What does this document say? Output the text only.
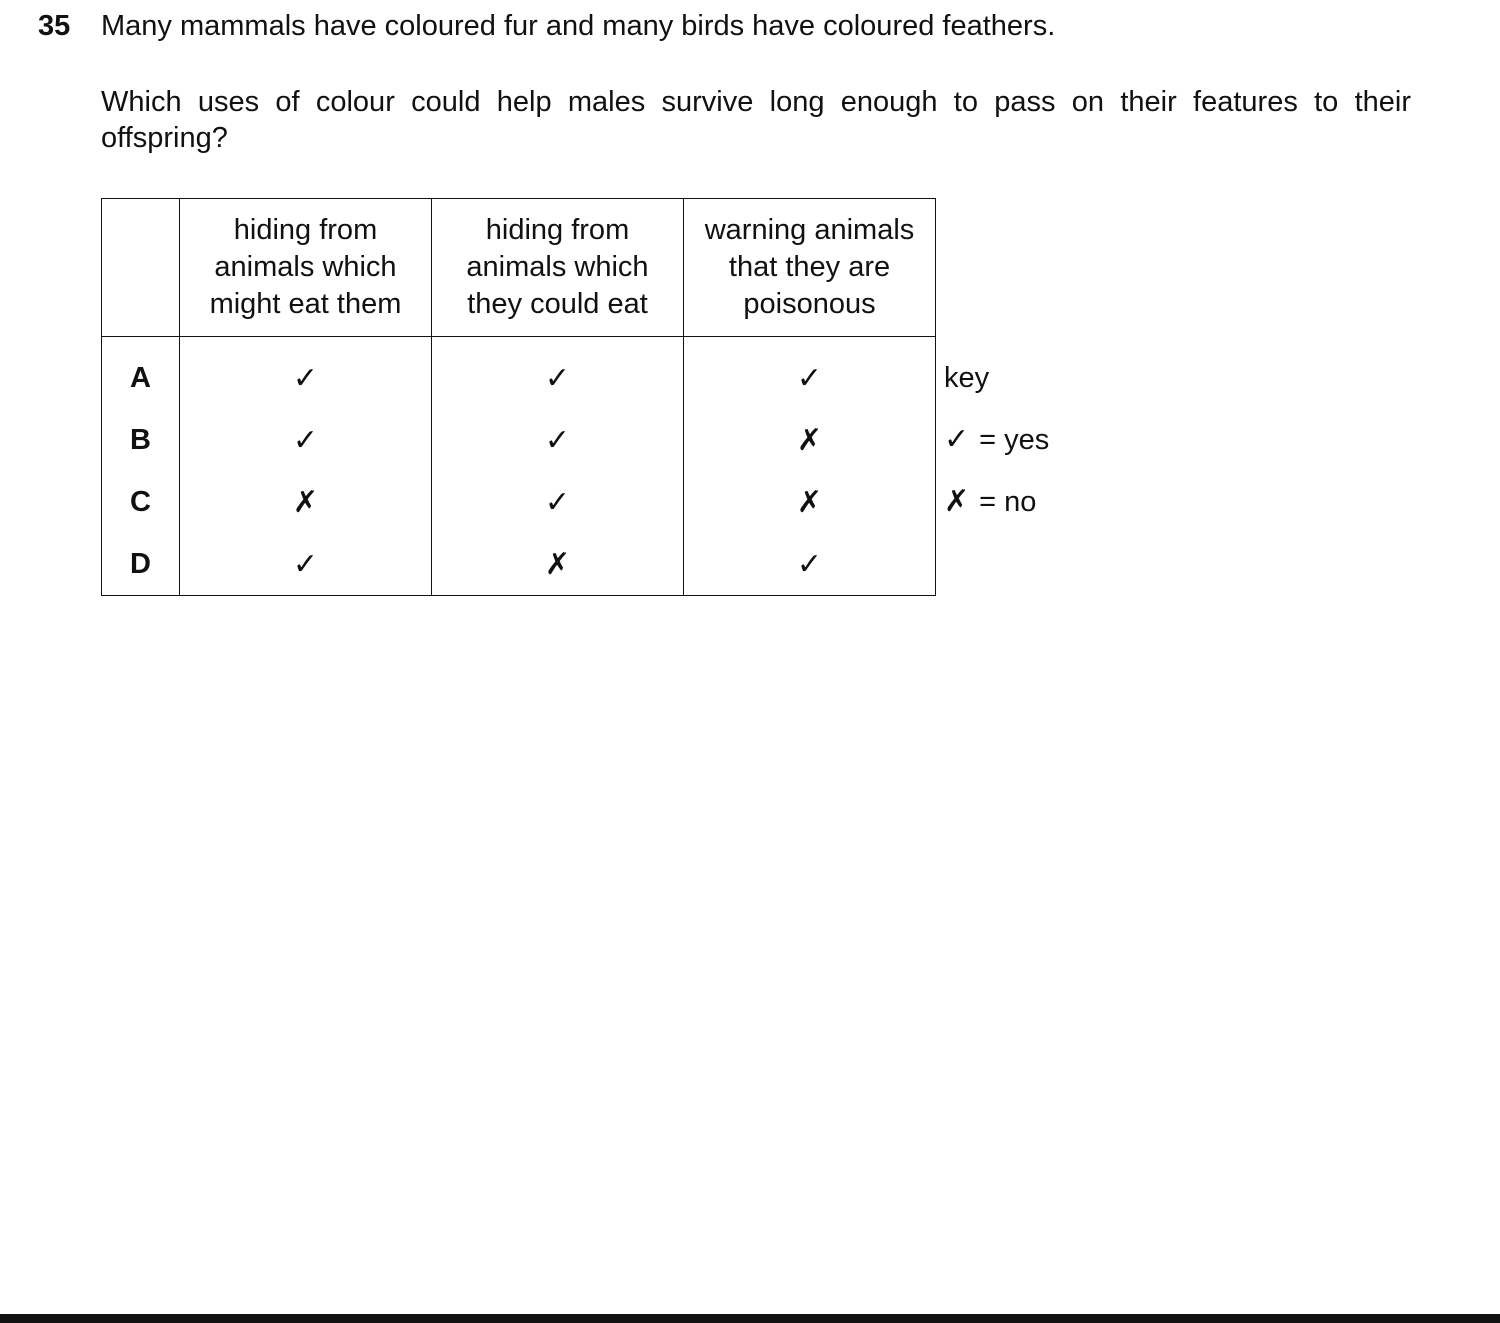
35 Many mammals have coloured fur and many birds have coloured feathers.
Which uses of colour could help males survive long enough to pass on their features to their offspring?
	hiding from animals which might eat them	hiding from animals which they could eat	warning animals that they are poisonous
A	✓	✓	✓
B	✓	✓	✗
C	✗	✓	✗
D	✓	✗	✓
key
✓ = yes
✗ = no
